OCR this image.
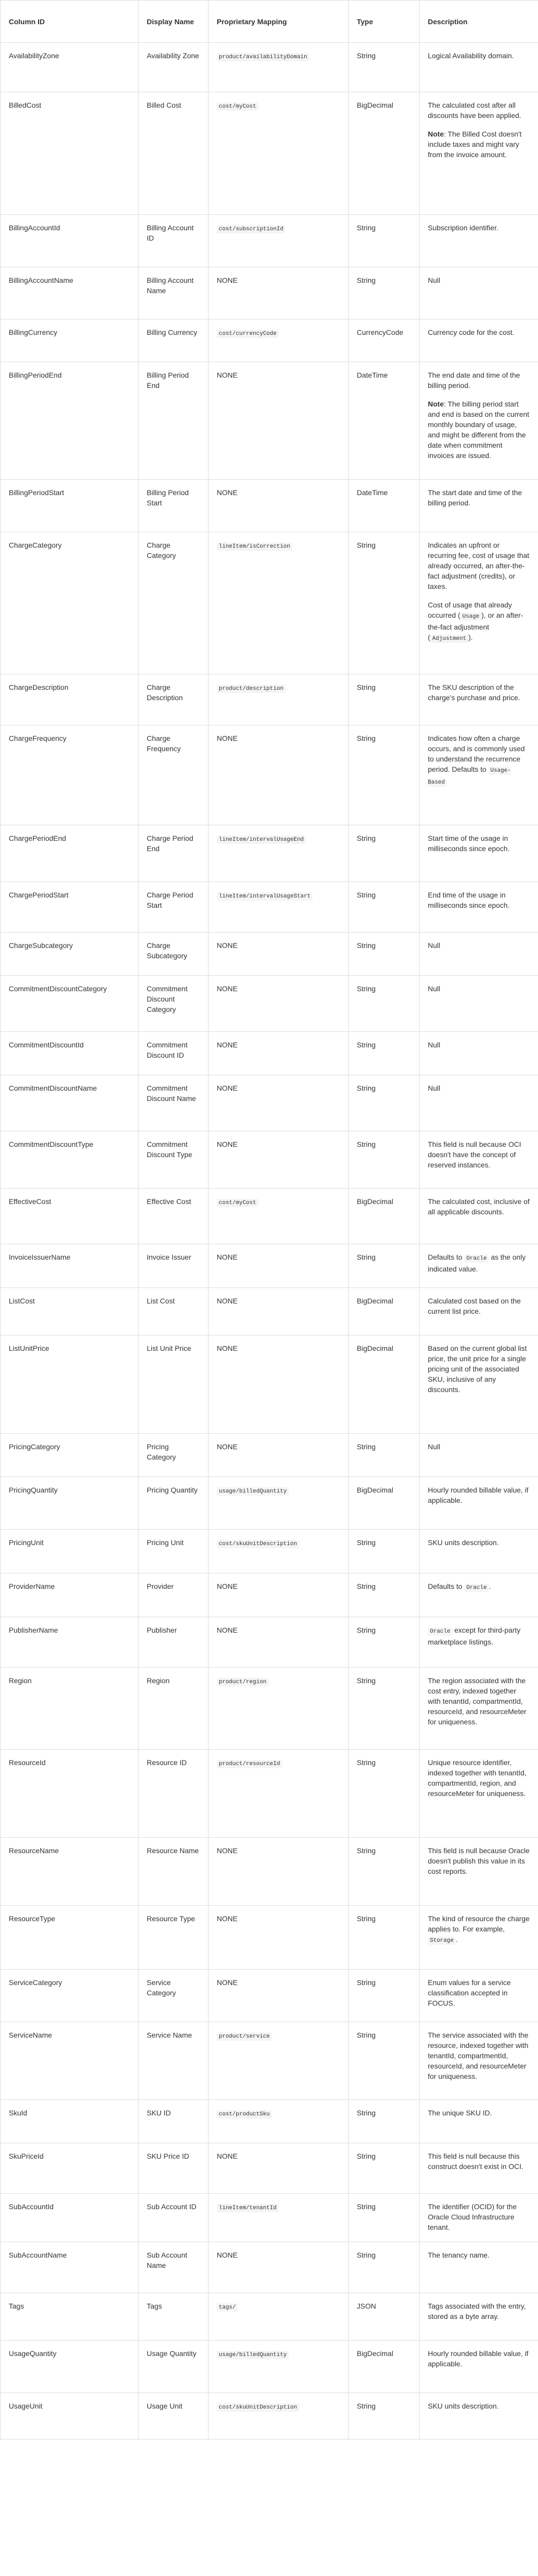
Column ID	Display Name	Proprietary Mapping	Type	Description
AvailabilityZone	Availability Zone	product/availabilityDomain	String	Logical Availability domain.

BilledCost	Billed Cost	cost/myCost	BigDecimal	The calculated cost after all discounts have been applied.

Note: The Billed Cost doesn't include taxes and might vary from the invoice amount.

BillingAccountId	Billing Account ID	cost/subscriptionId	String	Subscription identifier.

BillingAccountName	Billing Account Name	NONE	String	Null

BillingCurrency	Billing Currency	cost/currencyCode	CurrencyCode	Currency code for the cost.

BillingPeriodEnd	Billing Period End	NONE	DateTime	The end date and time of the billing period.

Note: The billing period start and end is based on the current monthly boundary of usage, and might be different from the date when commitment invoices are issued.

BillingPeriodStart	Billing Period Start	NONE	DateTime	The start date and time of the billing period.

ChargeCategory	Charge Category	lineItem/isCorrection	String	Indicates an upfront or recurring fee, cost of usage that already occurred, an after-the-fact adjustment (credits), or taxes.

Cost of usage that already occurred ( Usage ), or an after-the-fact adjustment ( Adjustment ).

ChargeDescription	Charge Description	product/description	String	The SKU description of the charge's purchase and price.

ChargeFrequency	Charge Frequency	NONE	String	Indicates how often a charge occurs, and is commonly used to understand the recurrence period. Defaults to Usage-Based

ChargePeriodEnd	Charge Period End	lineItem/intervalUsageEnd	String	Start time of the usage in milliseconds since epoch.

ChargePeriodStart	Charge Period Start	lineItem/intervalUsageStart	String	End time of the usage in milliseconds since epoch.

ChargeSubcategory	Charge Subcategory	NONE	String	Null

CommitmentDiscountCategory	Commitment Discount Category	NONE	String	Null

CommitmentDiscountId	Commitment Discount ID	NONE	String	Null

CommitmentDiscountName	Commitment Discount Name	NONE	String	Null

CommitmentDiscountType	Commitment Discount Type	NONE	String	This field is null because OCI doesn't have the concept of reserved instances.

EffectiveCost	Effective Cost	cost/myCost	BigDecimal	The calculated cost, inclusive of all applicable discounts.

InvoiceIssuerName	Invoice Issuer	NONE	String	Defaults to Oracle as the only indicated value.

ListCost	List Cost	NONE	BigDecimal	Calculated cost based on the current list price.

ListUnitPrice	List Unit Price	NONE	BigDecimal	Based on the current global list price, the unit price for a single pricing unit of the associated SKU, inclusive of any discounts.

PricingCategory	Pricing Category	NONE	String	Null

PricingQuantity	Pricing Quantity	usage/billedQuantity	BigDecimal	Hourly rounded billable value, if applicable.

PricingUnit	Pricing Unit	cost/skuUnitDescription	String	SKU units description.

ProviderName	Provider	NONE	String	Defaults to Oracle .

PublisherName	Publisher	NONE	String	Oracle except for third-party marketplace listings.

Region	Region	product/region	String	The region associated with the cost entry, indexed together with tenantId, compartmentId, resourceId, and resourceMeter for uniqueness.

ResourceId	Resource ID	product/resourceId	String	Unique resource identifier, indexed together with tenantId, compartmentId, region, and resourceMeter for uniqueness.

ResourceName	Resource Name	NONE	String	This field is null because Oracle doesn't publish this value in its cost reports.

ResourceType	Resource Type	NONE	String	The kind of resource the charge applies to. For example, Storage .

ServiceCategory	Service Category	NONE	String	Enum values for a service classification accepted in FOCUS.

ServiceName	Service Name	product/service	String	The service associated with the resource, indexed together with tenantId, compartmentId, resourceId, and resourceMeter for uniqueness.

SkuId	SKU ID	cost/productSku	String	The unique SKU ID.

SkuPriceId	SKU Price ID	NONE	String	This field is null because this construct doesn't exist in OCI.

SubAccountId	Sub Account ID	lineItem/tenantId	String	The identifier (OCID) for the Oracle Cloud Infrastructure tenant.

SubAccountName	Sub Account Name	NONE	String	The tenancy name.

Tags	Tags	tags/	JSON	Tags associated with the entry, stored as a byte array.

UsageQuantity	Usage Quantity	usage/billedQuantity	BigDecimal	Hourly rounded billable value, if applicable.

UsageUnit	Usage Unit	cost/skuUnitDescription	String	SKU units description.
